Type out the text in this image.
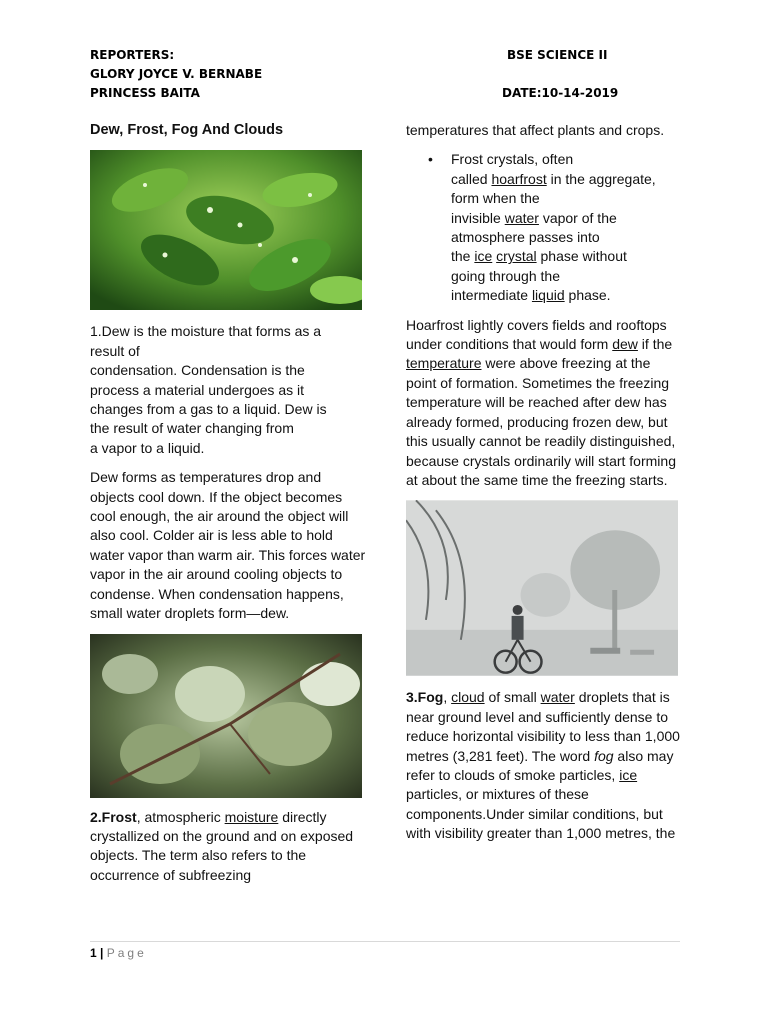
REPORTERS:
GLORY JOYCE V. BERNABE
PRINCESS BAITA
BSE SCIENCE II
DATE:10-14-2019
Dew, Frost, Fog And Clouds

1.Dew is the moisture that forms as a
result of
condensation. Condensation is the
process a material undergoes as it
changes from a gas to a liquid. Dew is
the result of water changing from
a vapor to a liquid.

Dew forms as temperatures drop and objects cool down. If the object becomes cool enough, the air around the object will also cool. Colder air is less able to hold water vapor than warm air. This forces water vapor in the air around cooling objects to condense. When condensation happens, small water droplets form—dew.

2.Frost, atmospheric moisture directly crystallized on the ground and on exposed objects. The term also refers to the occurrence of subfreezing

temperatures that affect plants and crops.

• Frost crystals, often
called hoarfrost in the aggregate,
form when the
invisible water vapor of the
atmosphere passes into
the ice crystal phase without
going through the
intermediate liquid phase.

Hoarfrost lightly covers fields and rooftops under conditions that would form dew if the temperature were above freezing at the point of formation. Sometimes the freezing temperature will be reached after dew has already formed, producing frozen dew, but this usually cannot be readily distinguished, because crystals ordinarily will start forming at about the same time the freezing starts.

3.Fog, cloud of small water droplets that is near ground level and sufficiently dense to reduce horizontal visibility to less than 1,000 metres (3,281 feet). The word fog also may refer to clouds of smoke particles, ice particles, or mixtures of these components.Under similar conditions, but with visibility greater than 1,000 metres, the

1 | Page
